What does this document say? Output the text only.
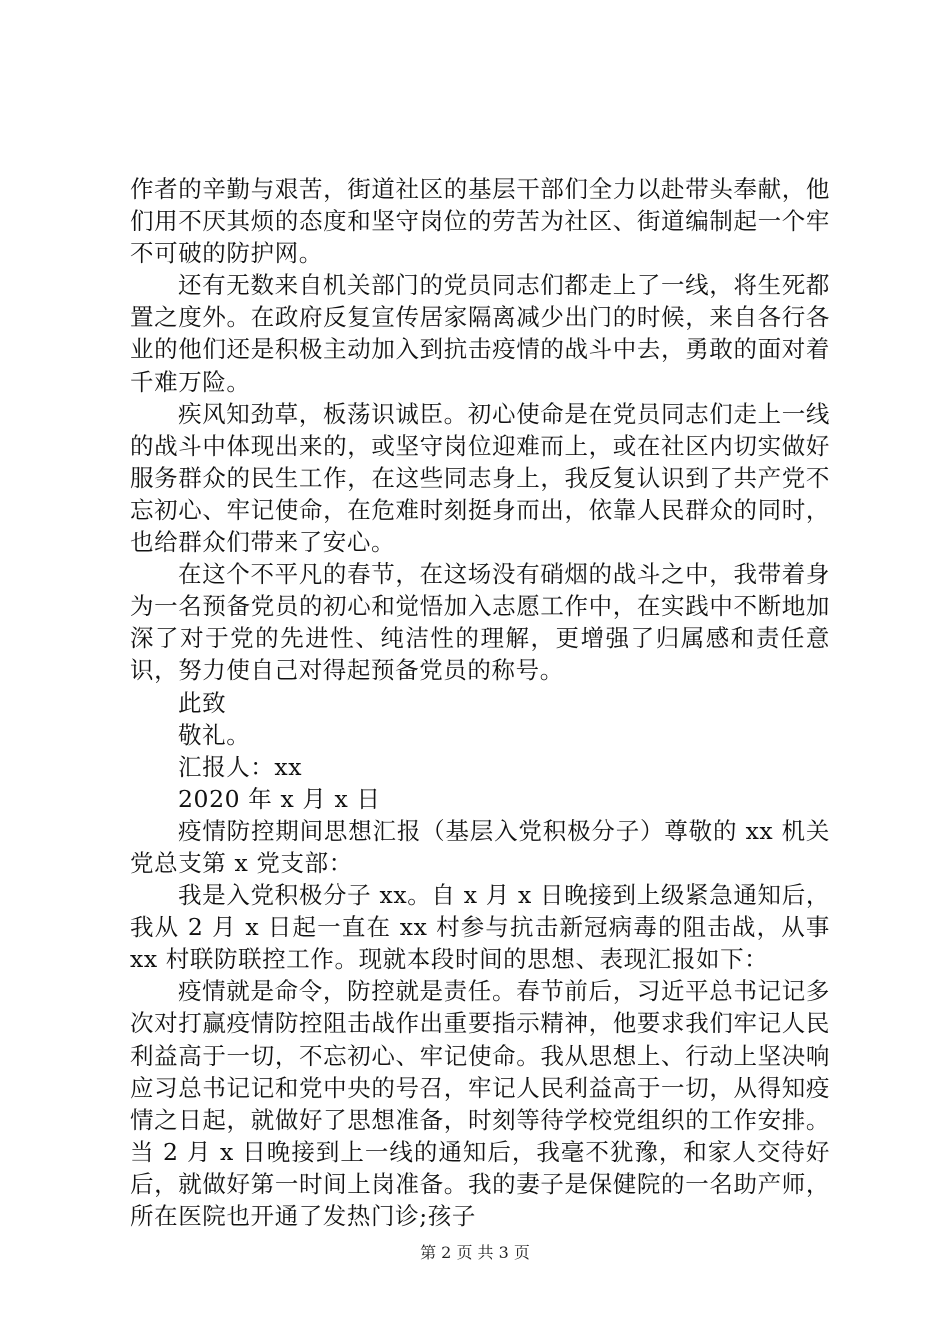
作者的辛勤与艰苦，街道社区的基层干部们全力以赴带头奉献，他们用不厌其烦的态度和坚守岗位的劳苦为社区、街道编制起一个牢不可破的防护网。

还有无数来自机关部门的党员同志们都走上了一线，将生死都置之度外。在政府反复宣传居家隔离减少出门的时候，来自各行各业的他们还是积极主动加入到抗击疫情的战斗中去，勇敢的面对着千难万险。

疾风知劲草，板荡识诚臣。初心使命是在党员同志们走上一线的战斗中体现出来的，或坚守岗位迎难而上，或在社区内切实做好服务群众的民生工作，在这些同志身上，我反复认识到了共产党不忘初心、牢记使命，在危难时刻挺身而出，依靠人民群众的同时，也给群众们带来了安心。

在这个不平凡的春节，在这场没有硝烟的战斗之中，我带着身为一名预备党员的初心和觉悟加入志愿工作中，在实践中不断地加深了对于党的先进性、纯洁性的理解，更增强了归属感和责任意识，努力使自己对得起预备党员的称号。

此致

敬礼。

汇报人：xx

2020 年 x 月 x 日

疫情防控期间思想汇报（基层入党积极分子）尊敬的 xx 机关党总支第 x 党支部：

我是入党积极分子 xx。自 x 月 x 日晚接到上级紧急通知后，我从 2 月 x 日起一直在 xx 村参与抗击新冠病毒的阻击战，从事 xx 村联防联控工作。现就本段时间的思想、表现汇报如下：

疫情就是命令，防控就是责任。春节前后，习近平总书记记多次对打赢疫情防控阻击战作出重要指示精神，他要求我们牢记人民利益高于一切，不忘初心、牢记使命。我从思想上、行动上坚决响应习总书记记和党中央的号召，牢记人民利益高于一切，从得知疫情之日起，就做好了思想准备，时刻等待学校党组织的工作安排。当 2 月 x 日晚接到上一线的通知后，我毫不犹豫，和家人交待好后，就做好第一时间上岗准备。我的妻子是保健院的一名助产师，所在医院也开通了发热门诊;孩子

第 2 页 共 3 页
